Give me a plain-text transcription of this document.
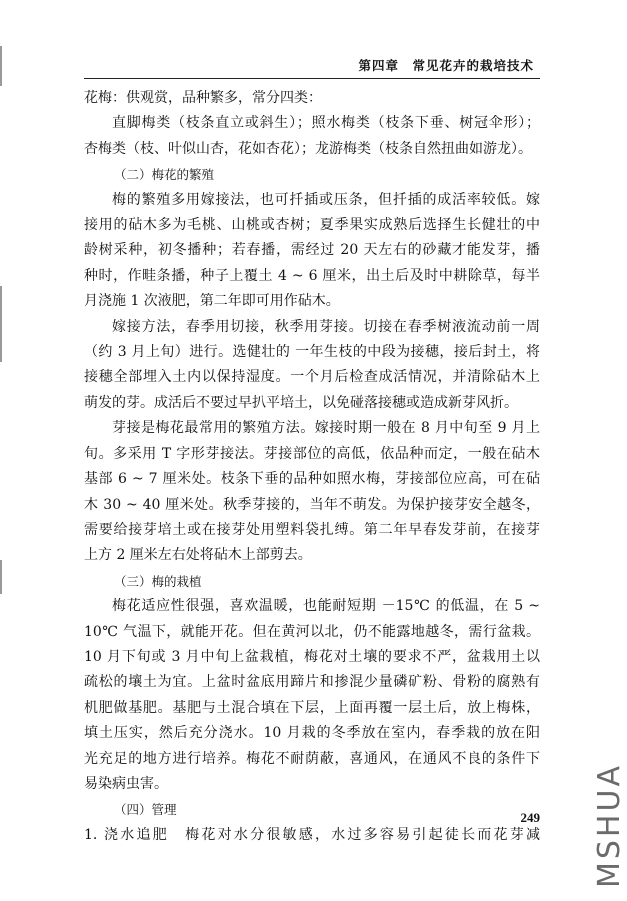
第四章　常见花卉的栽培技术

花梅：供观赏，品种繁多，常分四类：

直脚梅类（枝条直立或斜生）；照水梅类（枝条下垂、树冠伞形）；

杏梅类（枝、叶似山杏，花如杏花）；龙游梅类（枝条自然扭曲如游龙）。

（二）梅花的繁殖

梅的繁殖多用嫁接法，也可扦插或压条，但扦插的成活率较低。嫁

接用的砧木多为毛桃、山桃或杏树；夏季果实成熟后选择生长健壮的中

龄树采种，初冬播种；若春播，需经过 20 天左右的砂藏才能发芽，播

种时，作畦条播，种子上覆土 4 ~ 6 厘米，出土后及时中耕除草，每半

月浇施 1 次液肥，第二年即可用作砧木。

嫁接方法，春季用切接，秋季用芽接。切接在春季树液流动前一周

（约 3 月上旬）进行。选健壮的 一年生枝的中段为接穗，接后封土，将

接穗全部埋入土内以保持湿度。一个月后检查成活情况，并清除砧木上

萌发的芽。成活后不要过早扒平培土，以免碰落接穗或造成新芽风折。

芽接是梅花最常用的繁殖方法。嫁接时期一般在 8 月中旬至 9 月上

旬。多采用 T 字形芽接法。芽接部位的高低，依品种而定，一般在砧木

基部 6 ~ 7 厘米处。枝条下垂的品种如照水梅，芽接部位应高，可在砧

木 30 ~ 40 厘米处。秋季芽接的，当年不萌发。为保护接芽安全越冬，

需要给接芽培土或在接芽处用塑料袋扎缚。第二年早春发芽前，在接芽

上方 2 厘米左右处将砧木上部剪去。

（三）梅的栽植

梅花适应性很强，喜欢温暖，也能耐短期 －15℃ 的低温，在 5 ~

10℃ 气温下，就能开花。但在黄河以北，仍不能露地越冬，需行盆栽。

10 月下旬或 3 月中旬上盆栽植，梅花对土壤的要求不严，盆栽用土以

疏松的壤土为宜。上盆时盆底用蹄片和掺混少量磷矿粉、骨粉的腐熟有

机肥做基肥。基肥与土混合填在下层，上面再覆一层土后，放上梅株，

填土压实，然后充分浇水。10 月栽的冬季放在室内，春季栽的放在阳

光充足的地方进行培养。梅花不耐荫蔽，喜通风，在通风不良的条件下

易染病虫害。

（四）管理

1. 浇水追肥　梅花对水分很敏感，水过多容易引起徒长而花芽减

249 MSHUA
